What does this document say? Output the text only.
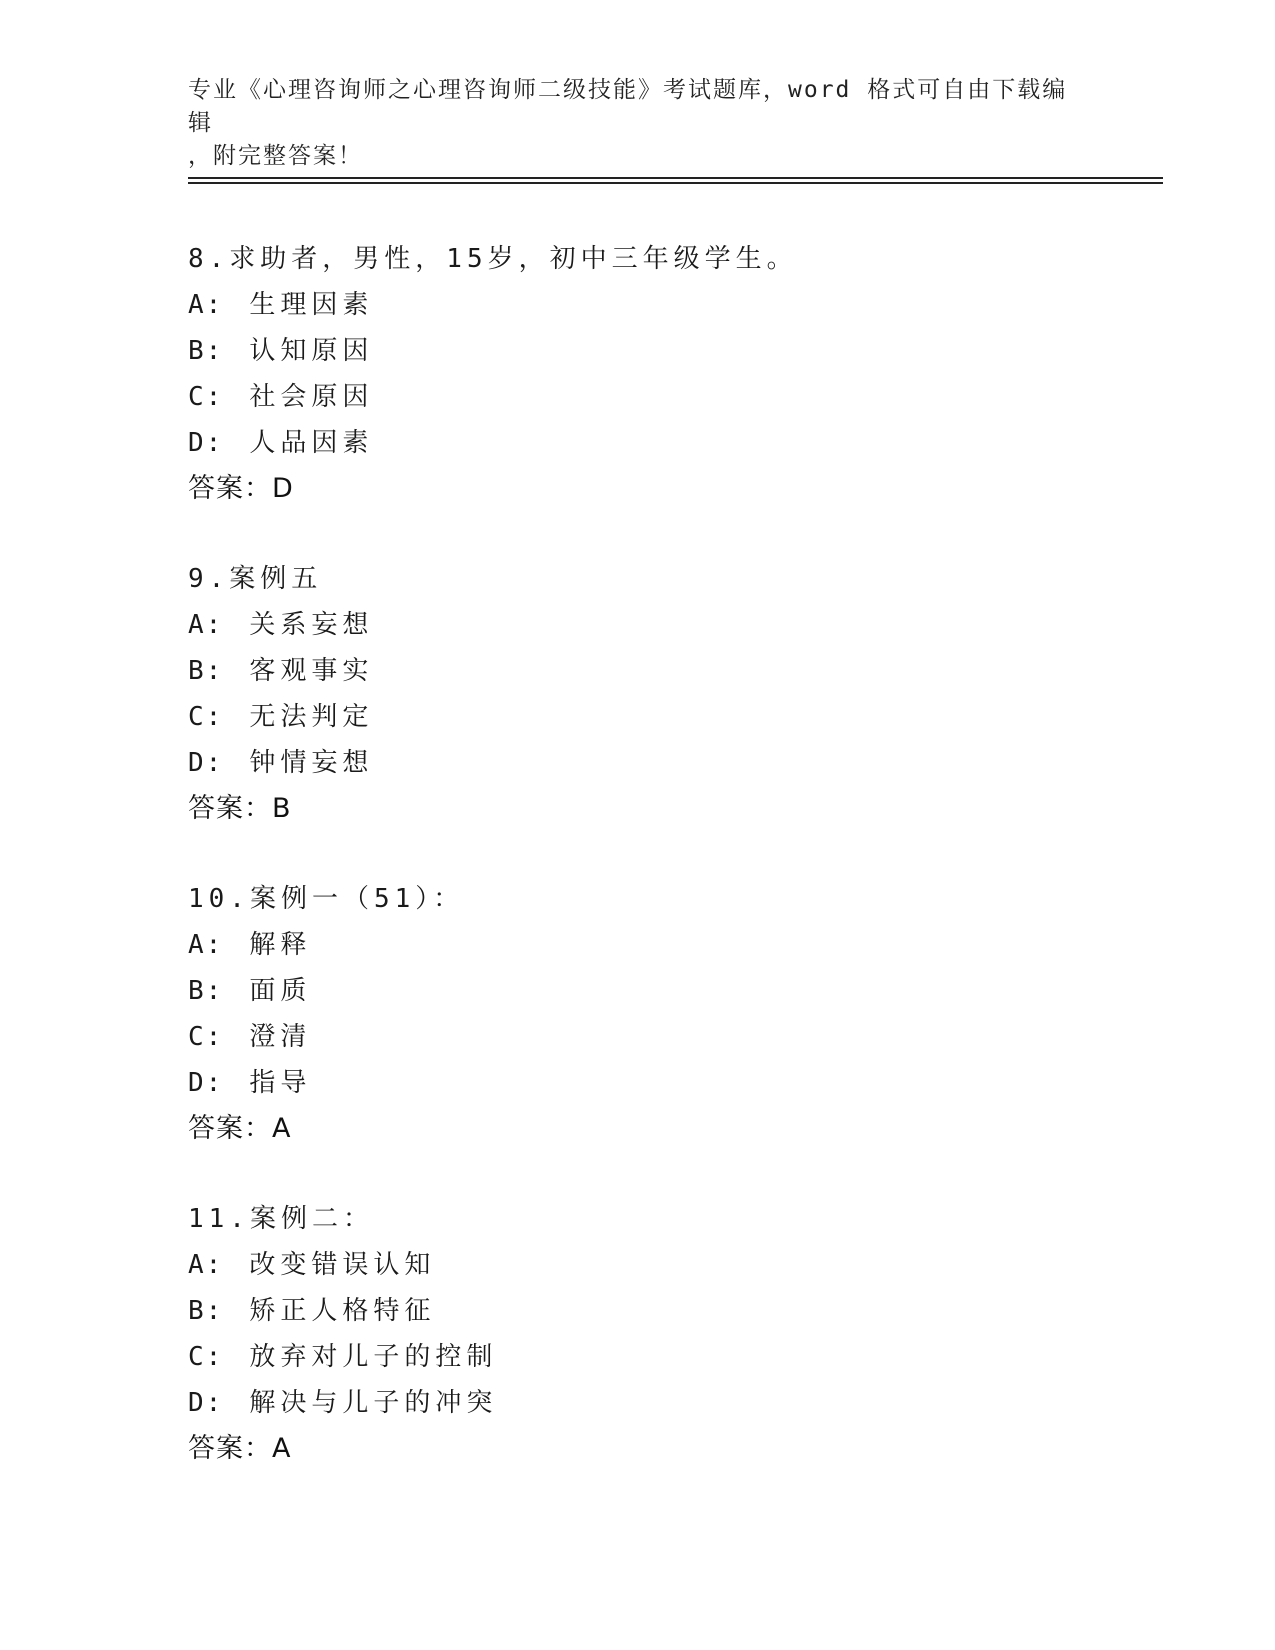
专业《心理咨询师之心理咨询师二级技能》考试题库，word 格式可自由下载编辑
，附完整答案！
8.求助者，男性，15岁，初中三年级学生。
A: 生理因素
B: 认知原因
C: 社会原因
D: 人品因素
答案：D
9.案例五
A: 关系妄想
B: 客观事实
C: 无法判定
D: 钟情妄想
答案：B
10.案例一（51）：
A: 解释
B: 面质
C: 澄清
D: 指导
答案：A
11.案例二：
A: 改变错误认知
B: 矫正人格特征
C: 放弃对儿子的控制
D: 解决与儿子的冲突
答案：A
